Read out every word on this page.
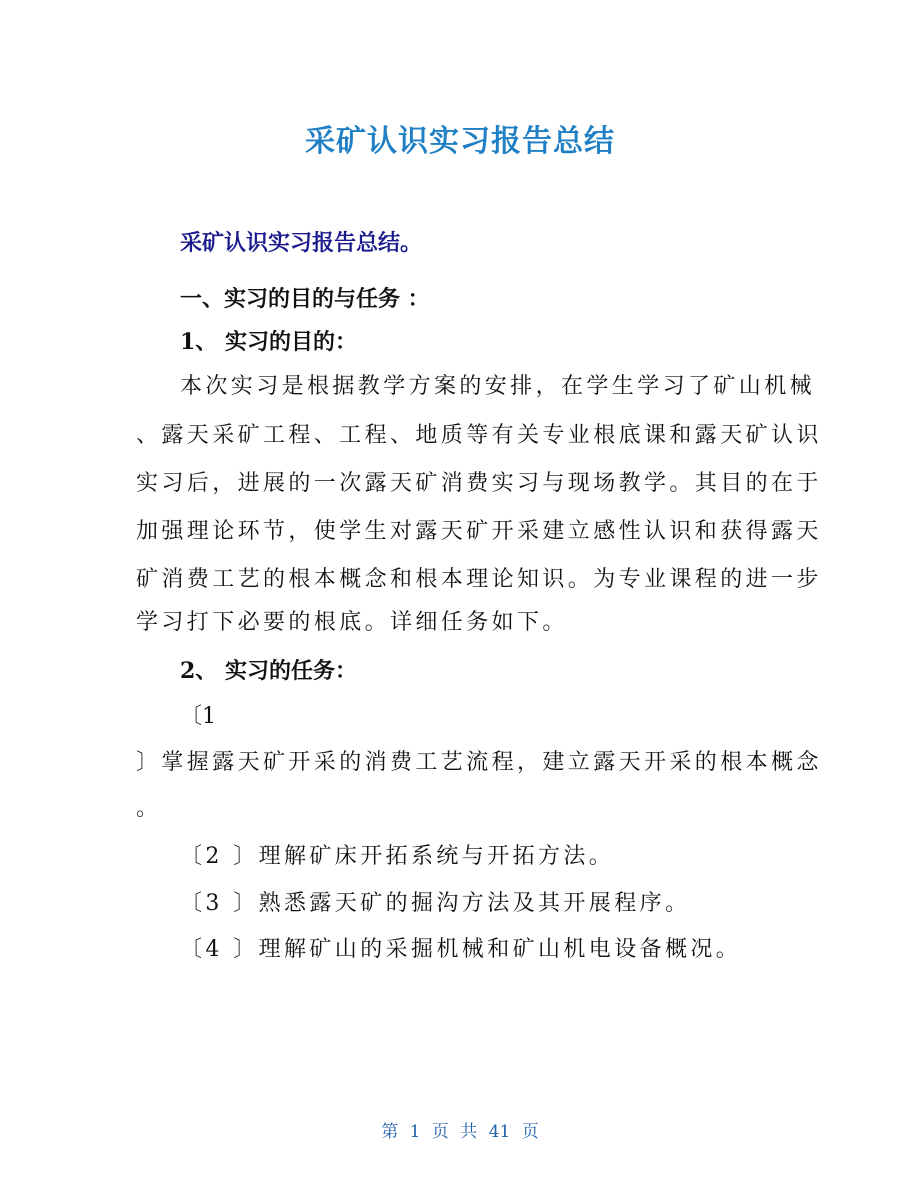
采矿认识实习报告总结
采矿认识实习报告总结。
一、实习的目的与任务 ：
1、 实习的目的：
本次实习是根据教学方案的安排，在学生学习了矿山机械
、露天采矿工程、工程、地质等有关专业根底课和露天矿认识
实习后，进展的一次露天矿消费实习与现场教学。其目的在于
加强理论环节，使学生对露天矿开采建立感性认识和获得露天
矿消费工艺的根本概念和根本理论知识。为专业课程的进一步
学习打下必要的根底。详细任务如下。
2、 实习的任务：
〔1
〕掌握露天矿开采的消费工艺流程，建立露天开采的根本概念
。
〔2 〕理解矿床开拓系统与开拓方法。
〔3 〕熟悉露天矿的掘沟方法及其开展程序。
〔4 〕理解矿山的采掘机械和矿山机电设备概况。
第 1 页 共 41 页
